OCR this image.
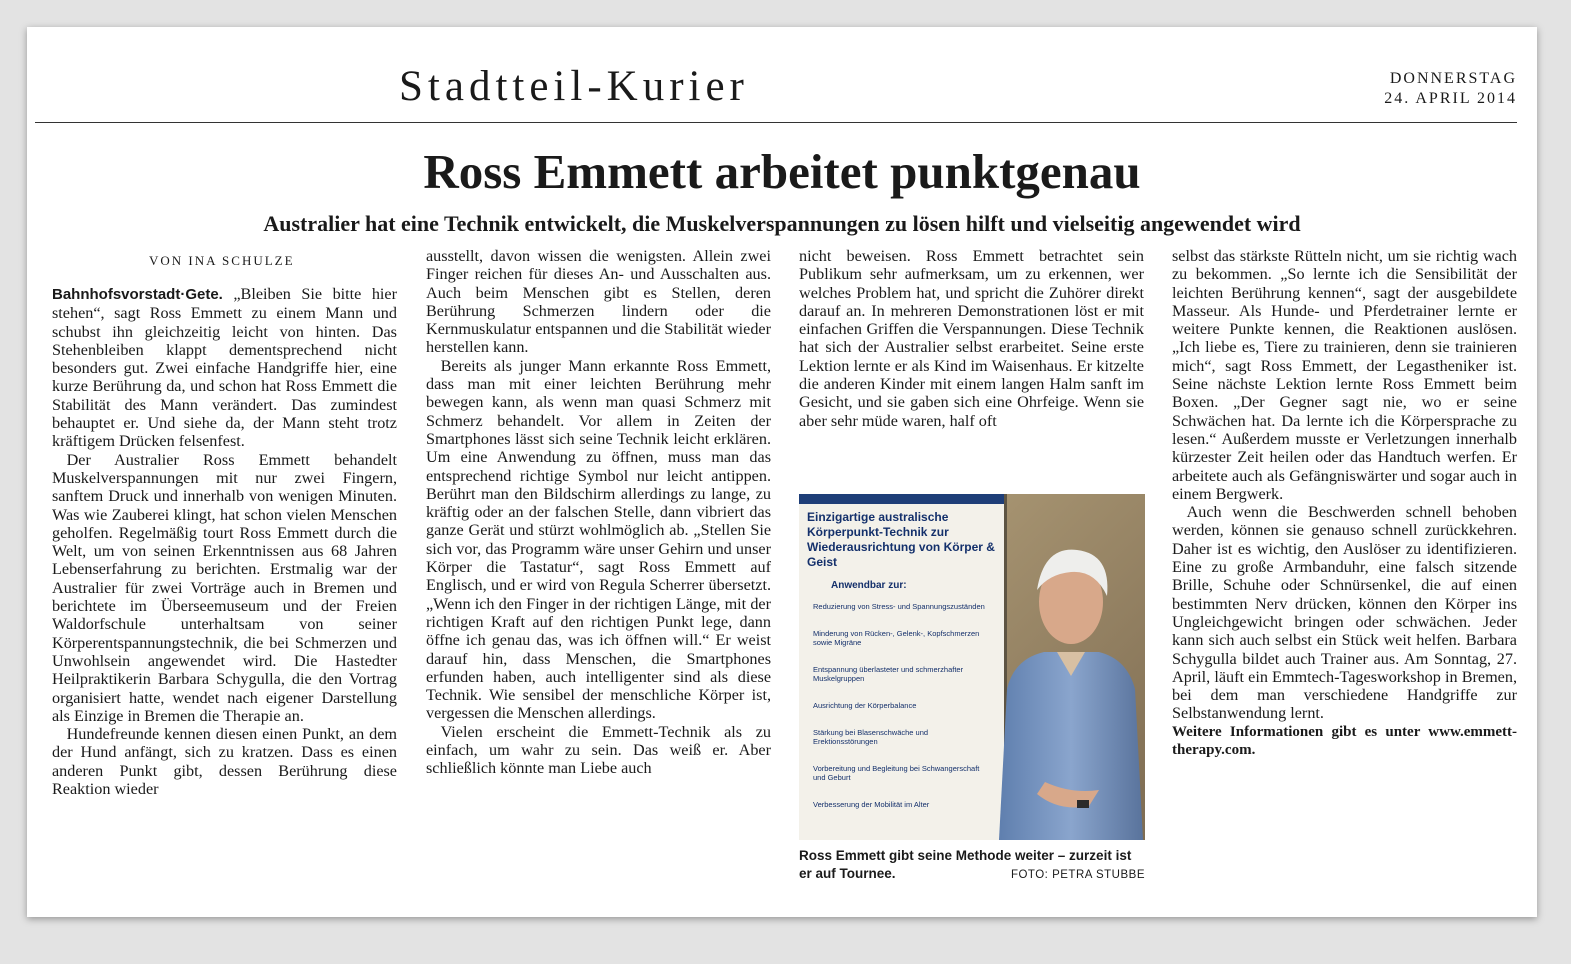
Stadtteil-Kurier	DONNERSTAG
24. APRIL 2014
Ross Emmett arbeitet punktgenau
Australier hat eine Technik entwickelt, die Muskelverspannungen zu lösen hilft und vielseitig angewendet wird
VON INA SCHULZE

Bahnhofsvorstadt·Gete. „Bleiben Sie bitte hier stehen“, sagt Ross Emmett zu einem Mann und schubst ihn gleichzeitig leicht von hinten. Das Stehenbleiben klappt dementsprechend nicht besonders gut. Zwei einfache Handgriffe hier, eine kurze Berührung da, und schon hat Ross Emmett die Stabilität des Mann verändert. Das zumindest behauptet er. Und siehe da, der Mann steht trotz kräftigem Drücken felsenfest.

Der Australier Ross Emmett behandelt Muskelverspannungen mit nur zwei Fingern, sanftem Druck und innerhalb von wenigen Minuten. Was wie Zauberei klingt, hat schon vielen Menschen geholfen. Regelmäßig tourt Ross Emmett durch die Welt, um von seinen Erkenntnissen aus 68 Jahren Lebenserfahrung zu berichten. Erstmalig war der Australier für zwei Vorträge auch in Bremen und berichtete im Überseemuseum und der Freien Waldorfschule unterhaltsam von seiner Körperentspannungstechnik, die bei Schmerzen und Unwohlsein angewendet wird. Die Hastedter Heilpraktikerin Barbara Schygulla, die den Vortrag organisiert hatte, wendet nach eigener Darstellung als Einzige in Bremen die Therapie an.

Hundefreunde kennen diesen einen Punkt, an dem der Hund anfängt, sich zu kratzen. Dass es einen anderen Punkt gibt, dessen Berührung diese Reaktion wieder

ausstellt, davon wissen die wenigsten. Allein zwei Finger reichen für dieses An- und Ausschalten aus. Auch beim Menschen gibt es Stellen, deren Berührung Schmerzen lindern oder die Kernmuskulatur entspannen und die Stabilität wieder herstellen kann.

Bereits als junger Mann erkannte Ross Emmett, dass man mit einer leichten Berührung mehr bewegen kann, als wenn man quasi Schmerz mit Schmerz behandelt. Vor allem in Zeiten der Smartphones lässt sich seine Technik leicht erklären. Um eine Anwendung zu öffnen, muss man das entsprechend richtige Symbol nur leicht antippen. Berührt man den Bildschirm allerdings zu lange, zu kräftig oder an der falschen Stelle, dann vibriert das ganze Gerät und stürzt wohlmöglich ab. „Stellen Sie sich vor, das Programm wäre unser Gehirn und unser Körper die Tastatur“, sagt Ross Emmett auf Englisch, und er wird von Regula Scherrer übersetzt. „Wenn ich den Finger in der richtigen Länge, mit der richtigen Kraft auf den richtigen Punkt lege, dann öffne ich genau das, was ich öffnen will.“ Er weist darauf hin, dass Menschen, die Smartphones erfunden haben, auch intelligenter sind als diese Technik. Wie sensibel der menschliche Körper ist, vergessen die Menschen allerdings.

Vielen erscheint die Emmett-Technik als zu einfach, um wahr zu sein. Das weiß er. Aber schließlich könnte man Liebe auch

nicht beweisen. Ross Emmett betrachtet sein Publikum sehr aufmerksam, um zu erkennen, wer welches Problem hat, und spricht die Zuhörer direkt darauf an. In mehreren Demonstrationen löst er mit einfachen Griffen die Verspannungen. Diese Technik hat sich der Australier selbst erarbeitet. Seine erste Lektion lernte er als Kind im Waisenhaus. Er kitzelte die anderen Kinder mit einem langen Halm sanft im Gesicht, und sie gaben sich eine Ohrfeige. Wenn sie aber sehr müde waren, half oft

Einzigartige australische Körperpunkt-Technik zur Wiederausrichtung von Körper & Geist
Anwendbar zur:
Reduzierung von Stress- und Spannungszuständen
Minderung von Rücken-, Gelenk-, Kopfschmerzen sowie Migräne
Entspannung überlasteter und schmerzhafter Muskelgruppen
Ausrichtung der Körperbalance
Stärkung bei Blasenschwäche und Erektionsstörungen
Vorbereitung und Begleitung bei Schwangerschaft und Geburt
Verbesserung der Mobilität im Alter
Ross Emmett gibt seine Methode weiter – zurzeit ist er auf Tournee.	FOTO: PETRA STUBBE

selbst das stärkste Rütteln nicht, um sie richtig wach zu bekommen. „So lernte ich die Sensibilität der leichten Berührung kennen“, sagt der ausgebildete Masseur. Als Hunde- und Pferdetrainer lernte er weitere Punkte kennen, die Reaktionen auslösen. „Ich liebe es, Tiere zu trainieren, denn sie trainieren mich“, sagt Ross Emmett, der Legastheniker ist. Seine nächste Lektion lernte Ross Emmett beim Boxen. „Der Gegner sagt nie, wo er seine Schwächen hat. Da lernte ich die Körpersprache zu lesen.“ Außerdem musste er Verletzungen innerhalb kürzester Zeit heilen oder das Handtuch werfen. Er arbeitete auch als Gefängniswärter und sogar auch in einem Bergwerk.

Auch wenn die Beschwerden schnell behoben werden, können sie genauso schnell zurückkehren. Daher ist es wichtig, den Auslöser zu identifizieren. Eine zu große Armbanduhr, eine falsch sitzende Brille, Schuhe oder Schnürsenkel, die auf einen bestimmten Nerv drücken, können den Körper ins Ungleichgewicht bringen oder schwächen. Jeder kann sich auch selbst ein Stück weit helfen. Barbara Schygulla bildet auch Trainer aus. Am Sonntag, 27. April, läuft ein Emmtech-Tagesworkshop in Bremen, bei dem man verschiedene Handgriffe zur Selbstanwendung lernt.

Weitere Informationen gibt es unter www.emmett-therapy.com.
